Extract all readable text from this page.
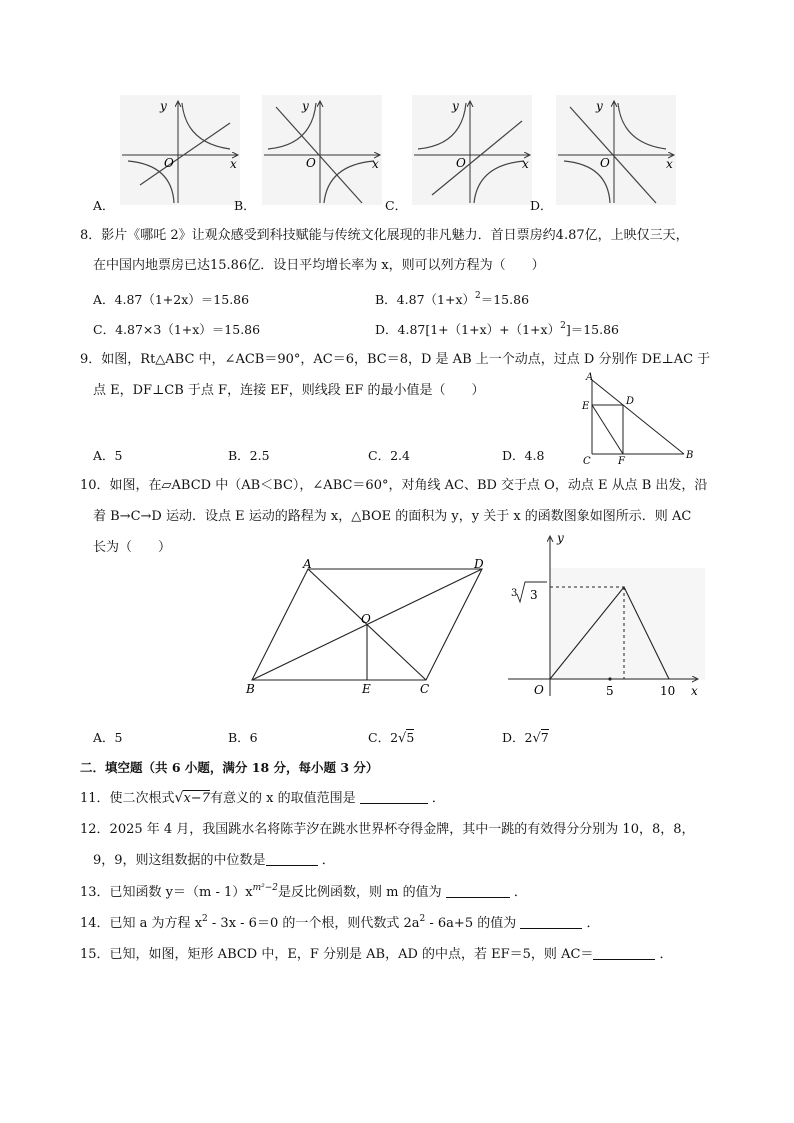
y
x
O
y
x
O
y
x
O
y
x
O
A．	B．	C．	D．
8．影片《哪吒 2》让观众感受到科技赋能与传统文化展现的非凡魅力．首日票房约4.87亿，上映仅三天，
在中国内地票房已达15.86亿．设日平均增长率为 x，则可以列方程为（　　）
A．4.87（1+2x）＝15.86	B．$4.87(1+x)^2=15.86$
C．4.87×3（1+x）＝15.86	D．$4.87[1+(1+x)+(1+x)^2]=15.86$
9．如图，Rt△ABC 中，∠ACB＝90°，AC＝6，BC＝8，D 是 AB 上一个动点，过点 D 分别作 DE⊥AC 于
点 E，DF⊥CB 于点 F，连接 EF，则线段 EF 的最小值是（　　）
A．5	B．2.5	C．2.4	D．4.8
A
E	D
C	F
B
10．如图，在▱ABCD 中（AB＜BC），∠ABC＝60°，对角线 AC、BD 交于点 O，动点 E 从点 B 出发，沿
着 B→C→D 运动．设点 E 运动的路程为 x，△BOE 的面积为 y，y 关于 x 的函数图象如图所示．则 AC
长为（　　）
A	D
O
B	E	C
y
x
O	5	10
3 3
A．5	B．6	C．2√5	D．2√7
二．填空题（共 6 小题，满分 18 分，每小题 3 分）
11．使二次根式√x−7有意义的 x 的取值范围是	．
12．2025 年 4 月，我国跳水名将陈芋汐在跳水世界杯夺得金牌，其中一跳的有效得分分别为 10，8，8，
9，9，则这组数据的中位数是	．
13．已知函数 $y=(m - 1)x^{m^2-2}$是反比例函数，则 m 的值为	．
14．已知 a 为方程 $x^2 - 3x - 6=0$ 的一个根，则代数式 $2a^2 - 6a+5$ 的值为	．
15．已知，如图，矩形 ABCD 中，E，F 分别是 AB，AD 的中点，若 EF＝5，则 AC＝	．
